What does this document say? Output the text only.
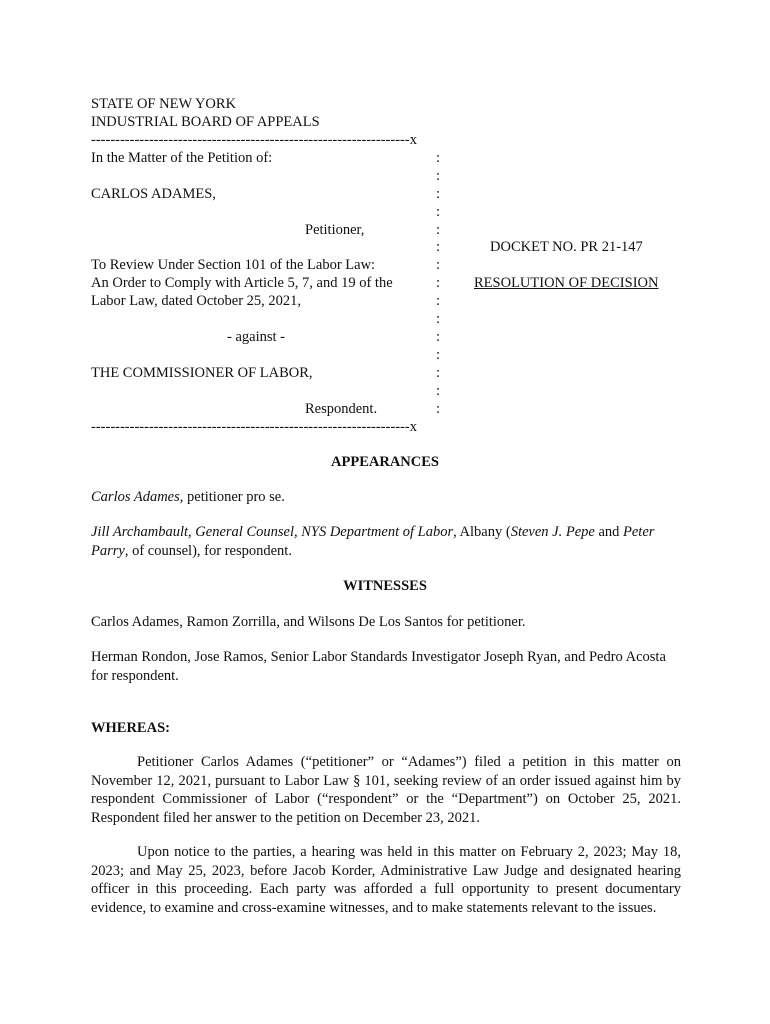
STATE OF NEW YORK
INDUSTRIAL BOARD OF APPEALS
------------------------------------------------------------------x
In the Matter of the Petition of:
CARLOS ADAMES,
Petitioner,
To Review Under Section 101 of the Labor Law:
An Order to Comply with Article 5, 7, and 19 of the
Labor Law, dated October 25, 2021,
- against -
THE COMMISSIONER OF LABOR,
Respondent.
------------------------------------------------------------------x
:
:
:
:
:
:
:
:
:
:
:
:
:
:
:
DOCKET NO. PR 21-147
RESOLUTION OF DECISION
APPEARANCES
Carlos Adames, petitioner pro se.
Jill Archambault, General Counsel, NYS Department of Labor, Albany (Steven J. Pepe and Peter Parry, of counsel), for respondent.
WITNESSES
Carlos Adames, Ramon Zorrilla, and Wilsons De Los Santos for petitioner.
Herman Rondon, Jose Ramos, Senior Labor Standards Investigator Joseph Ryan, and Pedro Acosta for respondent.
WHEREAS:
Petitioner Carlos Adames (“petitioner” or “Adames”) filed a petition in this matter on November 12, 2021, pursuant to Labor Law § 101, seeking review of an order issued against him by respondent Commissioner of Labor (“respondent” or the “Department”) on October 25, 2021. Respondent filed her answer to the petition on December 23, 2021.
Upon notice to the parties, a hearing was held in this matter on February 2, 2023; May 18, 2023; and May 25, 2023, before Jacob Korder, Administrative Law Judge and designated hearing officer in this proceeding. Each party was afforded a full opportunity to present documentary evidence, to examine and cross-examine witnesses, and to make statements relevant to the issues.
